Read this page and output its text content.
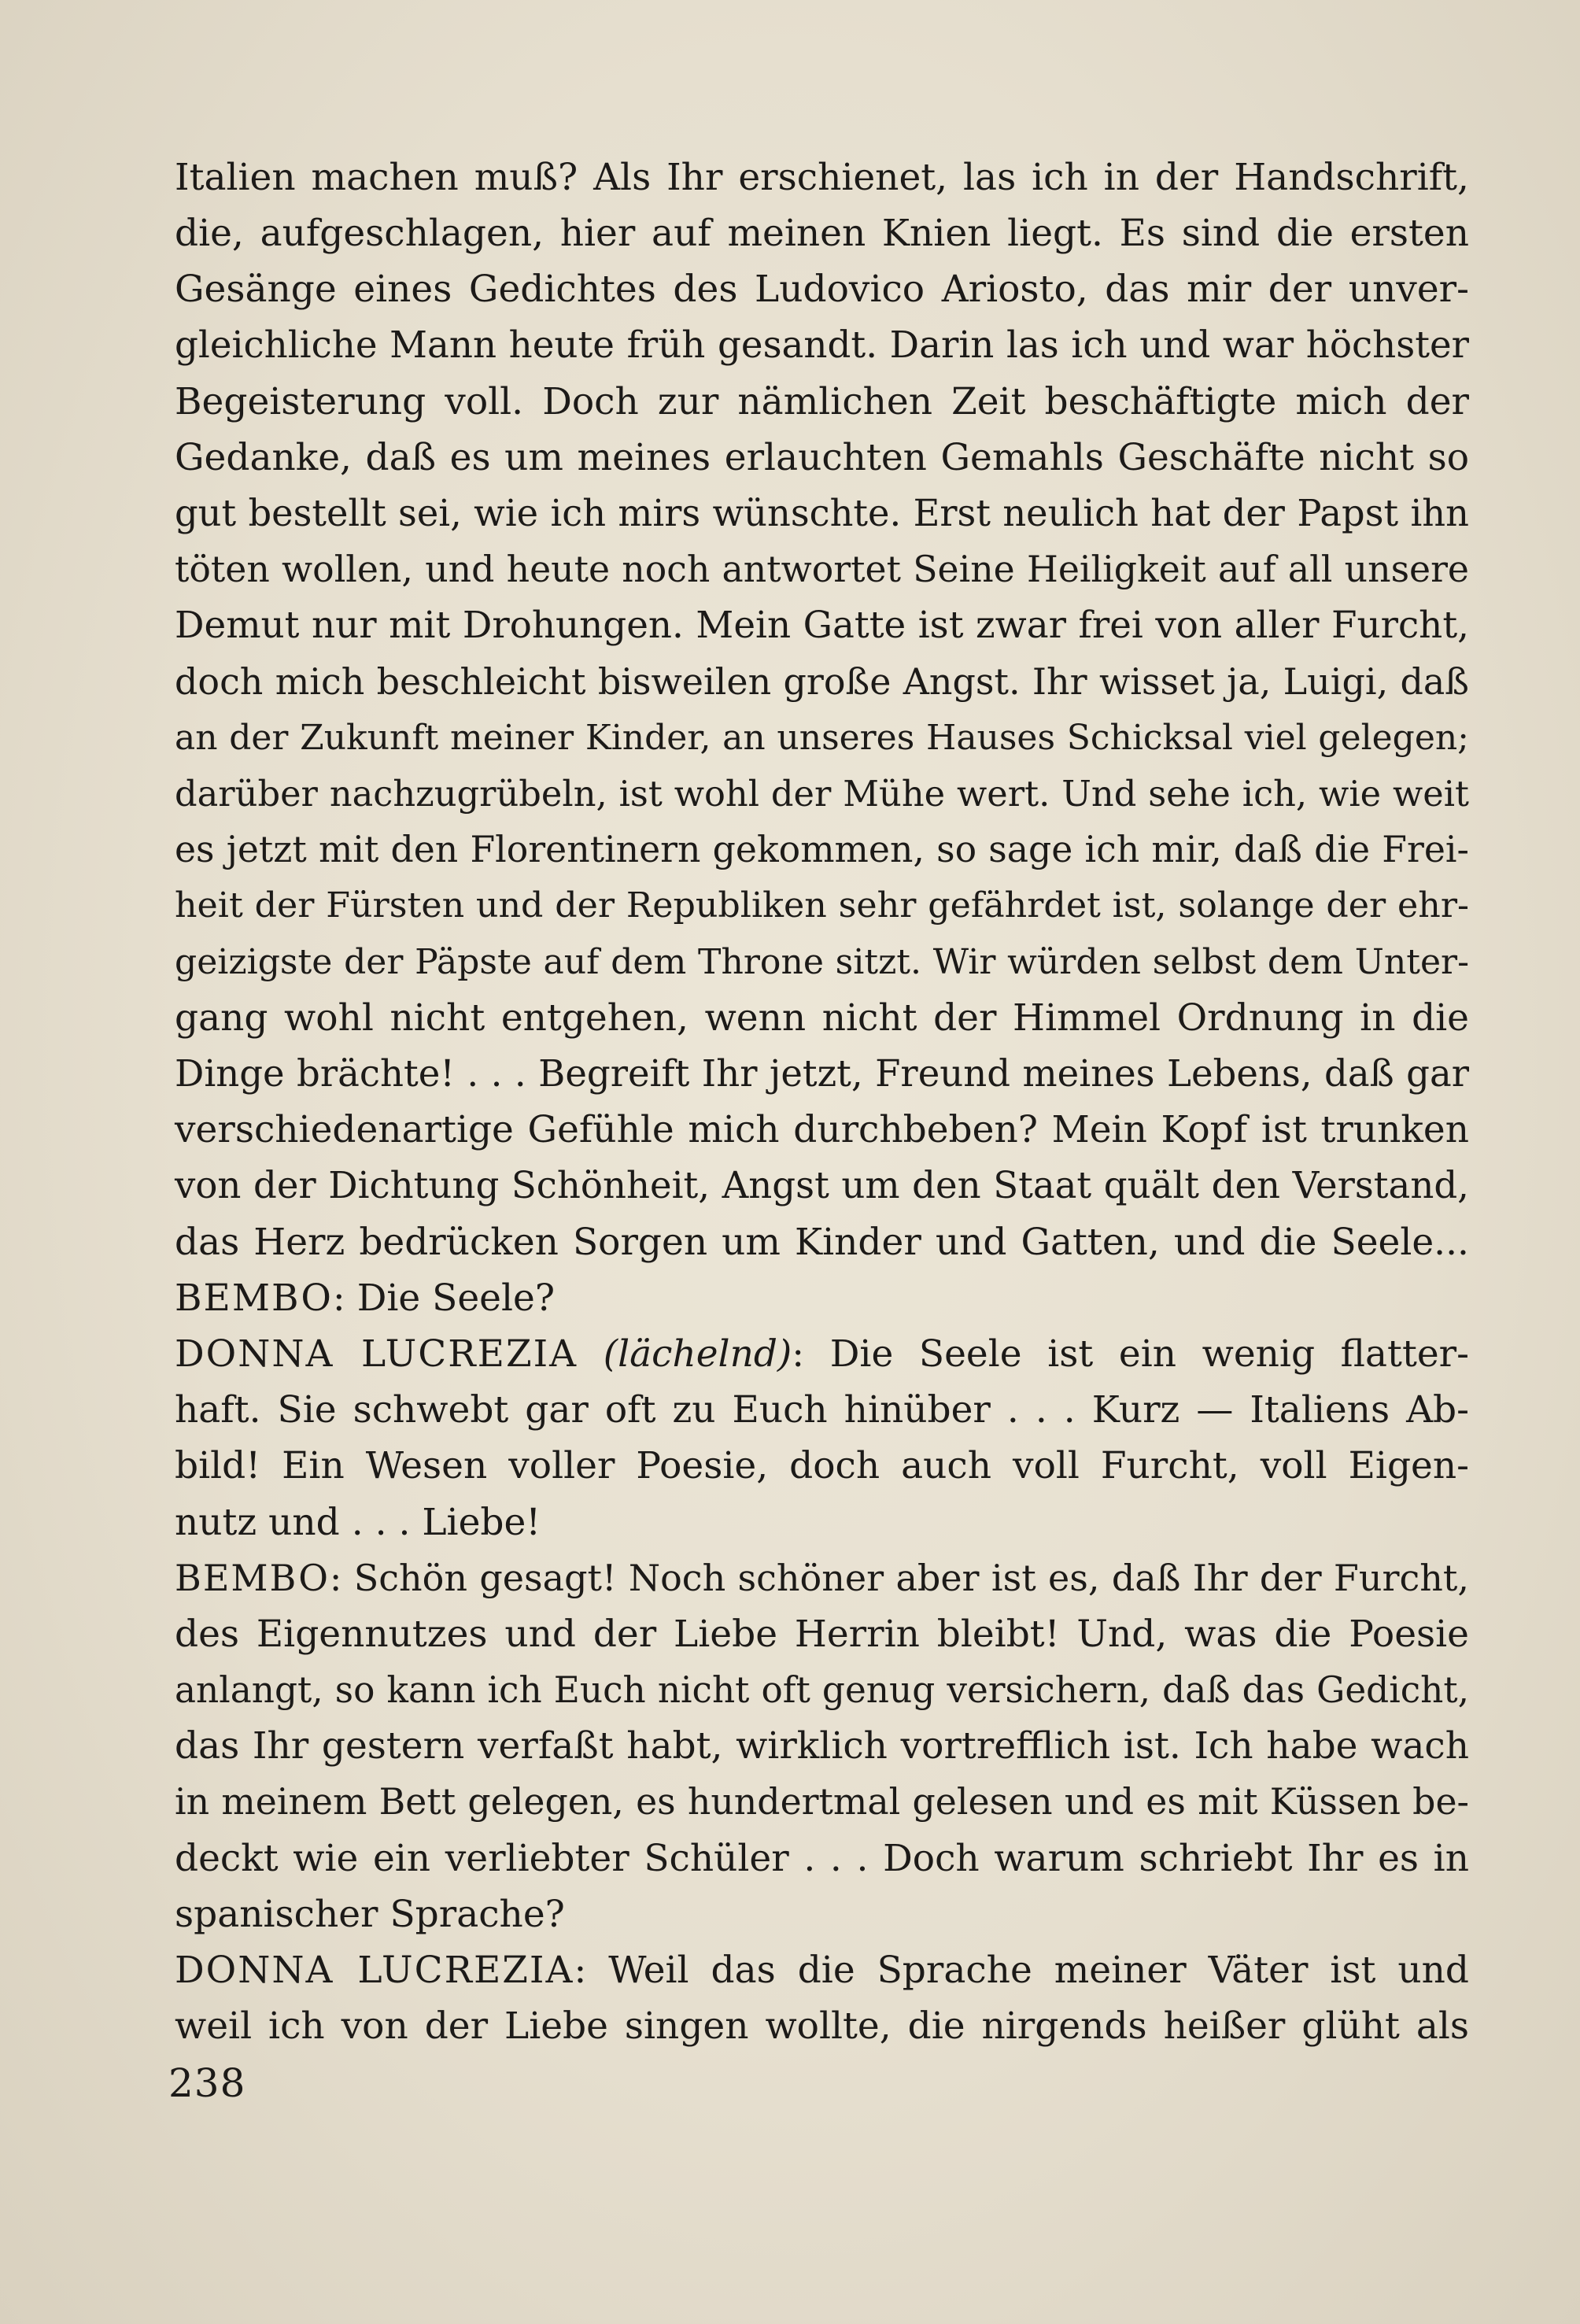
Italien machen muß? Als Ihr erschienet, las ich in der Handschrift,
die, aufgeschlagen, hier auf meinen Knien liegt. Es sind die ersten
Gesänge eines Gedichtes des Ludovico Ariosto, das mir der unver-
gleichliche Mann heute früh gesandt. Darin las ich und war höchster
Begeisterung voll. Doch zur nämlichen Zeit beschäftigte mich der
Gedanke, daß es um meines erlauchten Gemahls Geschäfte nicht so
gut bestellt sei, wie ich mirs wünschte. Erst neulich hat der Papst ihn
töten wollen, und heute noch antwortet Seine Heiligkeit auf all unsere
Demut nur mit Drohungen. Mein Gatte ist zwar frei von aller Furcht,
doch mich beschleicht bisweilen große Angst. Ihr wisset ja, Luigi, daß
an der Zukunft meiner Kinder, an unseres Hauses Schicksal viel gelegen;
darüber nachzugrübeln, ist wohl der Mühe wert. Und sehe ich, wie weit
es jetzt mit den Florentinern gekommen, so sage ich mir, daß die Frei-
heit der Fürsten und der Republiken sehr gefährdet ist, solange der ehr-
geizigste der Päpste auf dem Throne sitzt. Wir würden selbst dem Unter-
gang wohl nicht entgehen, wenn nicht der Himmel Ordnung in die
Dinge brächte! . . . Begreift Ihr jetzt, Freund meines Lebens, daß gar
verschiedenartige Gefühle mich durchbeben? Mein Kopf ist trunken
von der Dichtung Schönheit, Angst um den Staat quält den Verstand,
das Herz bedrücken Sorgen um Kinder und Gatten, und die Seele...
BEMBO: Die Seele?
DONNA LUCREZIA (lächelnd): Die Seele ist ein wenig flatter-
haft. Sie schwebt gar oft zu Euch hinüber . . . Kurz — Italiens Ab-
bild! Ein Wesen voller Poesie, doch auch voll Furcht, voll Eigen-
nutz und . . . Liebe!
BEMBO: Schön gesagt! Noch schöner aber ist es, daß Ihr der Furcht,
des Eigennutzes und der Liebe Herrin bleibt! Und, was die Poesie
anlangt, so kann ich Euch nicht oft genug versichern, daß das Gedicht,
das Ihr gestern verfaßt habt, wirklich vortrefflich ist. Ich habe wach
in meinem Bett gelegen, es hundertmal gelesen und es mit Küssen be-
deckt wie ein verliebter Schüler . . . Doch warum schriebt Ihr es in
spanischer Sprache?
DONNA LUCREZIA: Weil das die Sprache meiner Väter ist und
weil ich von der Liebe singen wollte, die nirgends heißer glüht als
238
